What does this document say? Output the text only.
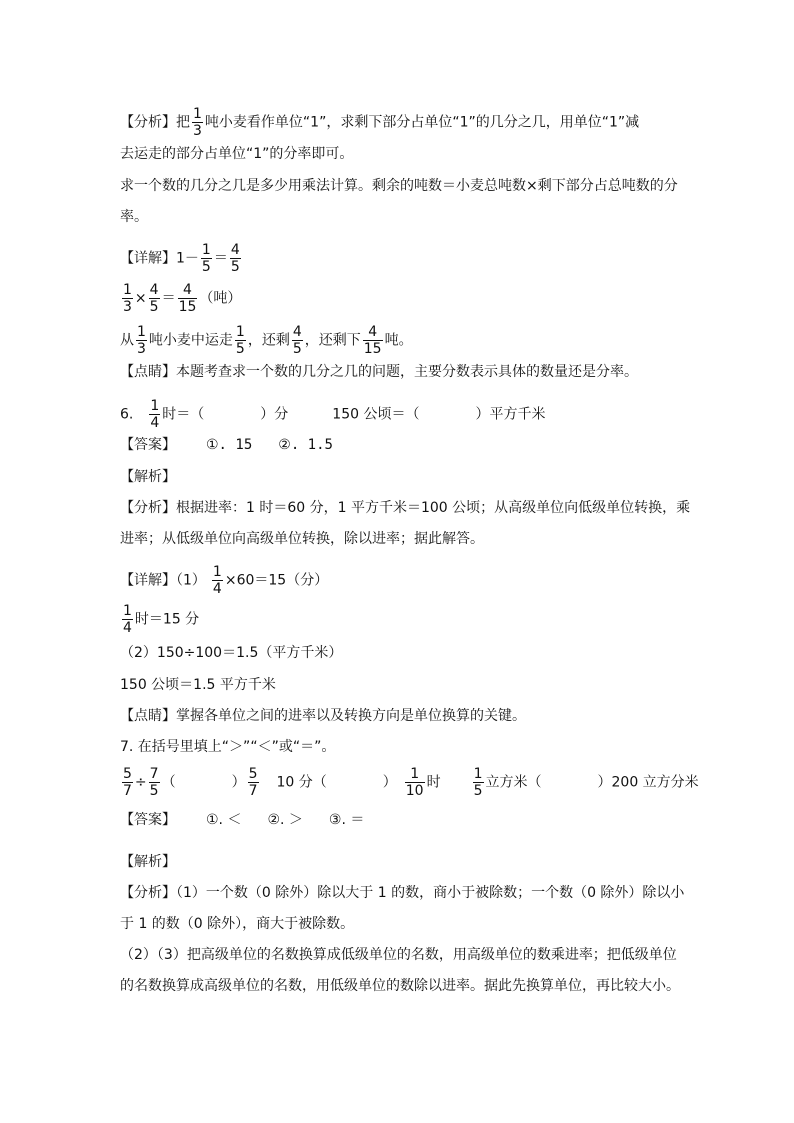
【分析】把 $\frac{1}{3}$ 吨小麦看作单位“1”，求剩下部分占单位“1”的几分之几，用单位“1”减
去运走的部分占单位“1”的分率即可。
求一个数的几分之几是多少用乘法计算。剩余的吨数＝小麦总吨数×剩下部分占总吨数的分
率。
【详解】$1- \frac{1}{5} = \frac{4}{5}$
$\frac{1}{3} \times \frac{4}{5} = \frac{4}{15}$ （吨）
从 $\frac{1}{3}$ 吨小麦中运走 $\frac{1}{5}$ ，还剩 $\frac{4}{5}$ ，还剩下 $\frac{4}{15}$ 吨。
【点睛】本题考查求一个数的几分之几的问题，主要分数表示具体的数量还是分率。
6. $\frac{1}{4}$ 时＝（	）分	150 公顷＝（	）平方千米
【答案】 ①. 15 ②. 1.5
【解析】
【分析】根据进率：1 时＝60 分，1 平方千米＝100 公顷；从高级单位向低级单位转换，乘
进率；从低级单位向高级单位转换，除以进率；据此解答。
【详解】$(1) \frac{1}{4} \times 60=15$（分）
$\frac{1}{4}$ 时＝15 分
（2）150÷100＝1.5（平方千米）
150 公顷＝1.5 平方千米
【点睛】掌握各单位之间的进率以及转换方向是单位换算的关键。
7. 在括号里填上“＞”“＜”或“＝”。
$\frac{5}{7} \div \frac{7}{5}$ （　　　　） $\frac{5}{7} 10$ 分（	） $\frac{1}{10}$ 时 $\frac{1}{5}$ 立方米（	）200 立方分米
【答案】 ①. ＜ ②. ＞ ③. ＝
【解析】
【分析】（1）一个数（0 除外）除以大于 1 的数，商小于被除数；一个数（0 除外）除以小
于 1 的数（0 除外），商大于被除数。
（2）（3）把高级单位的名数换算成低级单位的名数，用高级单位的数乘进率；把低级单位
的名数换算成高级单位的名数，用低级单位的数除以进率。据此先换算单位，再比较大小。
